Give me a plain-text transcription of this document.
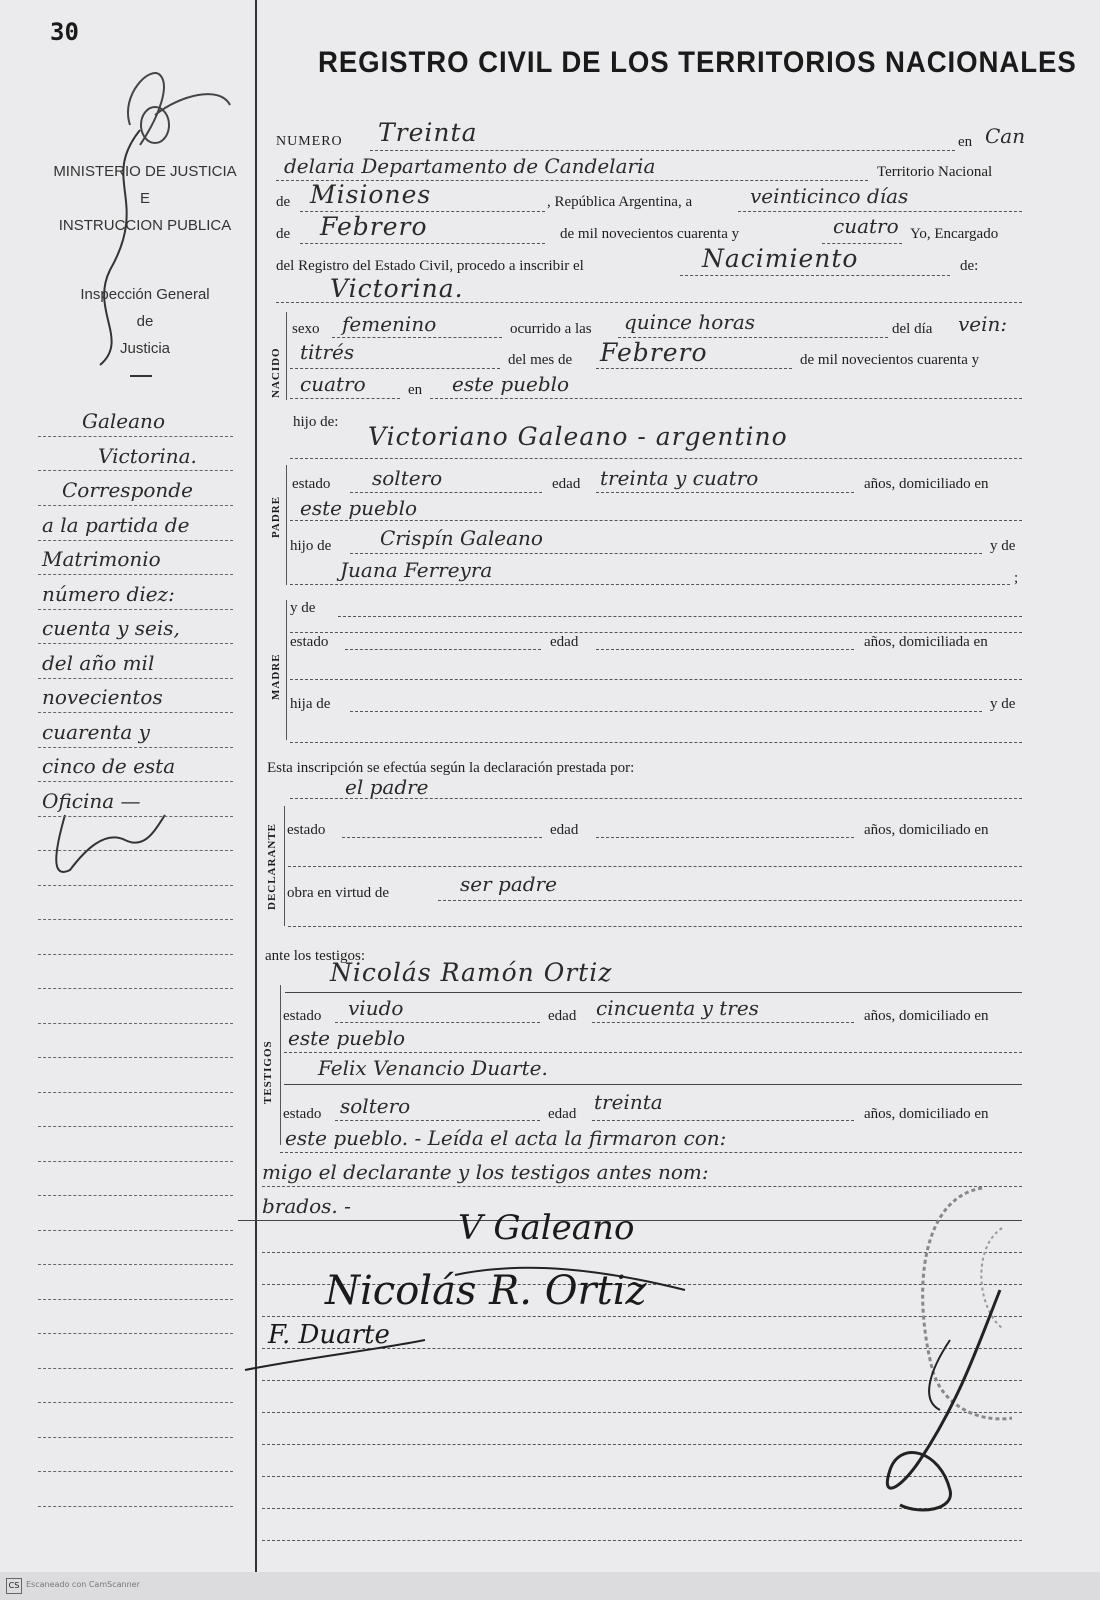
30
MINISTERIO DE JUSTICIA
E
INSTRUCCION PUBLICA
Inspección General
de
Justicia
Galeano
Victorina.
Corresponde
a la partida de
Matrimonio
número diez:
cuenta y seis,
del año mil
novecientos
cuarenta y
cinco de esta
Oficina —
REGISTRO CIVIL DE LOS TERRITORIOS NACIONALES
NUMERO Treinta	en Can
delaria Departamento de Candelaria	Territorio Nacional
de Misiones	, República Argentina, a	veinticinco días
de Febrero	de mil novecientos cuarenta y	cuatro Yo, Encargado
del Registro del Estado Civil, procedo a inscribir el	Nacimiento	de:
Victorina.
NACIDO
sexo femenino	ocurrido a las quince horas	del día vein:
titrés	del mes de Febrero	de mil novecientos cuarenta y
cuatro	en este pueblo
hijo de: Victoriano Galeano - argentino
PADRE
estado soltero	edad treinta y cuatro	años, domiciliado en
este pueblo
hijo de Crispín Galeano	y de
Juana Ferreyra	;
MADRE
y de
estado	edad	años, domiciliada en
hija de	y de
Esta inscripción se efectúa según la declaración prestada por:
el padre
DECLARANTE estado	edad	años, domiciliado en
obra en virtud de	ser padre
ante los testigos:
Nicolás Ramón Ortiz
TESTIGOS
estado viudo	edad cincuenta y tres	años, domiciliado en
este pueblo
Felix Venancio Duarte.
estado soltero	edad treinta	años, domiciliado en
este pueblo. - Leída el acta la firmaron con:
migo el declarante y los testigos antes nom:
brados. -
V Galeano
Nicolás R. Ortiz
F. Duarte
CS Escaneado con CamScanner
